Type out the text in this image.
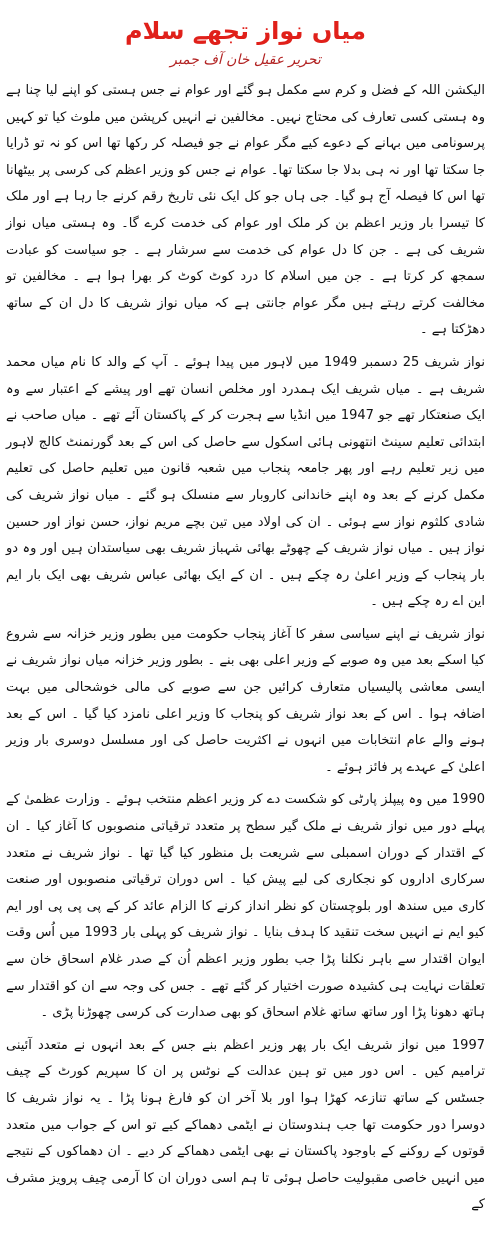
میاں نواز تجھے سلام
تحریر عقیل خان آف جمبر

الیکشن اللہ کے فضل و کرم سے مکمل ہو گئے اور عوام نے جس ہستی کو اپنے لیا چنا ہے وہ ہستی کسی تعارف کی محتاج نہیں۔ مخالفین نے انہیں کرپشن میں ملوث کیا تو کہیں پرسونامی میں بہانے کے دعوے کیے مگر عوام نے جو فیصلہ کر رکھا تھا اس کو نہ تو ڈرایا جا سکتا تھا اور نہ ہی بدلا جا سکتا تھا۔ عوام نے جس کو وزیر اعظم کی کرسی پر بیٹھانا تھا اس کا فیصلہ آج ہو گیا۔ جی ہاں جو کل ایک نئی تاریخ رقم کرنے جا رہا ہے اور ملک کا تیسرا بار وزیر اعظم بن کر ملک اور عوام کی خدمت کرے گا۔ وہ ہستی میاں نواز شریف کی ہے ۔ جن کا دل عوام کی خدمت سے سرشار ہے ۔ جو سیاست کو عبادت سمجھ کر کرتا ہے ۔ جن میں اسلام کا درد کوٹ کوٹ کر بھرا ہوا ہے ۔ مخالفین تو مخالفت کرتے رہتے ہیں مگر عوام جانتی ہے کہ میاں نواز شریف کا دل ان کے ساتھ دھڑکتا ہے ۔

نواز شریف 25 دسمبر 1949 میں لاہور میں پیدا ہوئے ۔ آپ کے والد کا نام میاں محمد شریف ہے ۔ میاں شریف ایک ہمدرد اور مخلص انسان تھے اور پیشے کے اعتبار سے وہ ایک صنعتکار تھے جو 1947 میں انڈیا سے ہجرت کر کے پاکستان آئے تھے ۔ میاں صاحب نے ابتدائی تعلیم سینٹ انتھونی ہائی اسکول سے حاصل کی اس کے بعد گورنمنٹ کالج لاہور میں زیر تعلیم رہے اور پھر جامعہ پنجاب میں شعبہ قانون میں تعلیم حاصل کی تعلیم مکمل کرنے کے بعد وہ اپنے خاندانی کاروبار سے منسلک ہو گئے ۔ میاں نواز شریف کی شادی کلثوم نواز سے ہوئی ۔ ان کی اولاد میں تین بچے مریم نواز، حسن نواز اور حسین نواز ہیں ۔ میاں نواز شریف کے چھوٹے بھائی شہباز شریف بھی سیاستدان ہیں اور وہ دو بار پنجاب کے وزیر اعلیٰ رہ چکے ہیں ۔ ان کے ایک بھائی عباس شریف بھی ایک بار ایم این اے رہ چکے ہیں ۔

نواز شریف نے اپنے سیاسی سفر کا آغاز پنجاب حکومت میں بطور وزیر خزانہ سے شروع کیا اسکے بعد میں وہ صوبے کے وزیر اعلی بھی بنے ۔ بطور وزیر خزانہ میاں نواز شریف نے ایسی معاشی پالیسیاں متعارف کرائیں جن سے صوبے کی مالی خوشحالی میں بہت اضافہ ہوا ۔ اس کے بعد نواز شریف کو پنجاب کا وزیر اعلی نامزد کیا گیا ۔ اس کے بعد ہونے والے عام انتخابات میں انہوں نے اکثریت حاصل کی اور مسلسل دوسری بار وزیر اعلیٰ کے عہدے پر فائز ہوئے ۔

1990 میں وہ پیپلز پارٹی کو شکست دے کر وزیر اعظم منتخب ہوئے ۔ وزارت عظمیٰ کے پہلے دور میں نواز شریف نے ملک گیر سطح پر متعدد ترقیاتی منصوبوں کا آغاز کیا ۔ ان کے اقتدار کے دوران اسمبلی سے شریعت بل منظور کیا گیا تھا ۔ نواز شریف نے متعدد سرکاری اداروں کو نجکاری کی لیے پیش کیا ۔ اس دوران ترقیاتی منصوبوں اور صنعت کاری میں سندھ اور بلوچستان کو نظر انداز کرنے کا الزام عائد کر کے پی پی پی اور ایم کیو ایم نے انہیں سخت تنقید کا ہدف بنایا ۔ نواز شریف کو پہلی بار 1993 میں اُس وقت ایوان اقتدار سے باہر نکلنا پڑا جب بطور وزیر اعظم اُن کے صدر غلام اسحاق خان سے تعلقات نہایت ہی کشیدہ صورت اختیار کر گئے تھے ۔ جس کی وجہ سے ان کو اقتدار سے ہاتھ دھونا پڑا اور ساتھ ساتھ غلام اسحاق کو بھی صدارت کی کرسی چھوڑنا پڑی ۔

1997 میں نواز شریف ایک بار پھر وزیر اعظم بنے جس کے بعد انہوں نے متعدد آئینی ترامیم کیں ۔ اس دور میں تو ہین عدالت کے نوٹس پر ان کا سپریم کورٹ کے چیف جسٹس کے ساتھ تنازعہ کھڑا ہوا اور بلا آخر ان کو فارغ ہونا پڑا ۔ یہ نواز شریف کا دوسرا دور حکومت تھا جب ہندوستان نے ایٹمی دھماکے کیے تو اس کے جواب میں متعدد قوتوں کے روکنے کے باوجود پاکستان نے بھی ایٹمی دھماکے کر دیے ۔ ان دھماکوں کے نتیجے میں انہیں خاصی مقبولیت حاصل ہوئی تا ہم اسی دوران ان کا آرمی چیف پرویز مشرف کے
